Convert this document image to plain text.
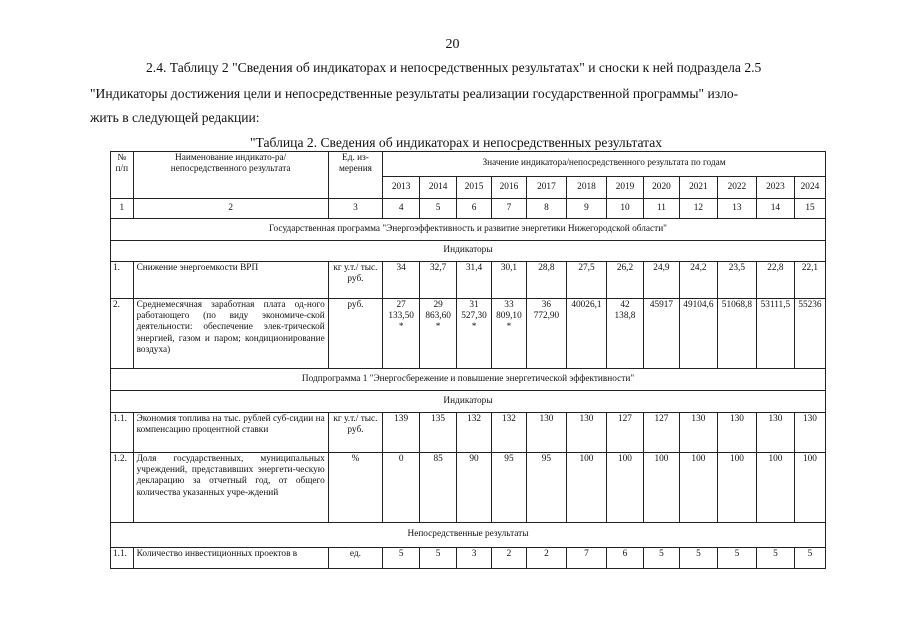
20
2.4. Таблицу 2 "Сведения об индикаторах и непосредственных результатах" и сноски к ней подраздела 2.5
"Индикаторы достижения цели и непосредственные результаты реализации государственной программы" изло-
жить в следующей редакции:
"Таблица 2. Сведения об индикаторах и непосредственных результатах
№ п/п	Наименование индикато-ра/непосредственного результата	Ед. из-мерения	Значение индикатора/непосредственного результата по годам											
			2013	2014	2015	2016	2017	2018	2019	2020	2021	2022	2023	2024
1	2	3	4	5	6	7	8	9	10	11	12	13	14	15
Государственная программа "Энергоэффективность и развитие энергетики Нижегородской области"														
Индикаторы														
1.	Снижение энергоемкости ВРП	кг у.т./ тыс. руб.	34	32,7	31,4	30,1	28,8	27,5	26,2	24,9	24,2	23,5	22,8	22,1
2.	Среднемесячная заработная плата од-ного работающего (по виду экономиче-ской деятельности: обеспечение элек-трической энергией, газом и паром; кондиционирование воздуха)	руб.	27 133,50 *	29 863,60 *	31 527,30 *	33 809,10 *	36 772,90	40026,1	42 138,8	45917	49104,6	51068,8	53111,5	55236
Подпрограмма 1 "Энергосбережение и повышение энергетической эффективности"														
Индикаторы														
1.1.	Экономия топлива на тыс. рублей суб-сидии на компенсацию процентной ставки	кг у.т./ тыс. руб.	139	135	132	132	130	130	127	127	130	130	130	130
1.2.	Доля государственных, муниципальных учреждений, представивших энергети-ческую декларацию за отчетный год, от общего количества указанных учре-ждений	%	0	85	90	95	95	100	100	100	100	100	100	100
Непосредственные результаты														
1.1.	Количество инвестиционных проектов в	ед.	5	5	3	2	2	7	6	5	5	5	5	5
